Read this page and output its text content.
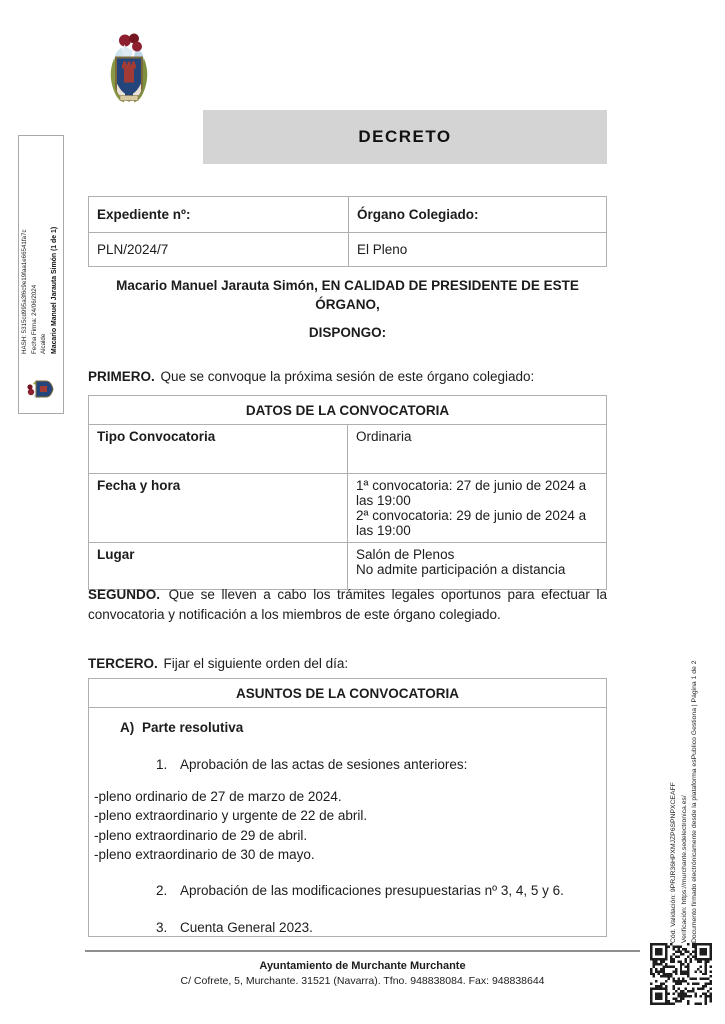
DECRETO
Expediente nº:	Órgano Colegiado:
PLN/2024/7	El Pleno
Macario Manuel Jarauta Simón, EN CALIDAD DE PRESIDENTE DE ESTE ÓRGANO,
DISPONGO:
PRIMERO. Que se convoque la próxima sesión de este órgano colegiado:
DATOS DE LA CONVOCATORIA	
Tipo Convocatoria	Ordinaria
Fecha y hora	1ª convocatoria: 27 de junio de 2024 a las 19:00
2ª convocatoria: 29 de junio de 2024 a las 19:00

Lugar	Salón de Plenos
No admite participación a distancia
SEGUNDO. Que se lleven a cabo los trámites legales oportunos para efectuar la convocatoria y notificación a los miembros de este órgano colegiado.
TERCERO. Fijar el siguiente orden del día:
ASUNTOS DE LA CONVOCATORIA
A) Parte resolutiva
1. Aprobación de las actas de sesiones anteriores:
-pleno ordinario de 27 de marzo de 2024.
-pleno extraordinario y urgente de 22 de abril.
-pleno extraordinario de 29 de abril.
-pleno extraordinario de 30 de mayo.
2. Aprobación de las modificaciones presupuestarias nº 3, 4, 5 y 6.
3. Cuenta General 2023.
Ayuntamiento de Murchante Murchante
C/ Cofrete, 5, Murchante. 31521 (Navarra). Tfno. 948838084. Fax: 948838644
HASH: 5315cd995a3f6c9e19faa1e66541fa7c Fecha Firma: 24/06/2024 Alcalde Macario Manuel Jarauta Simón (1 de 1)
Cód. Validación: 9PRJR36HPXMJZP6SPNPXCEAFF Verificación: https://murchante.sedelectronica.es/ Documento firmado electrónicamente desde la plataforma esPublico Gestiona | Página 1 de 2
